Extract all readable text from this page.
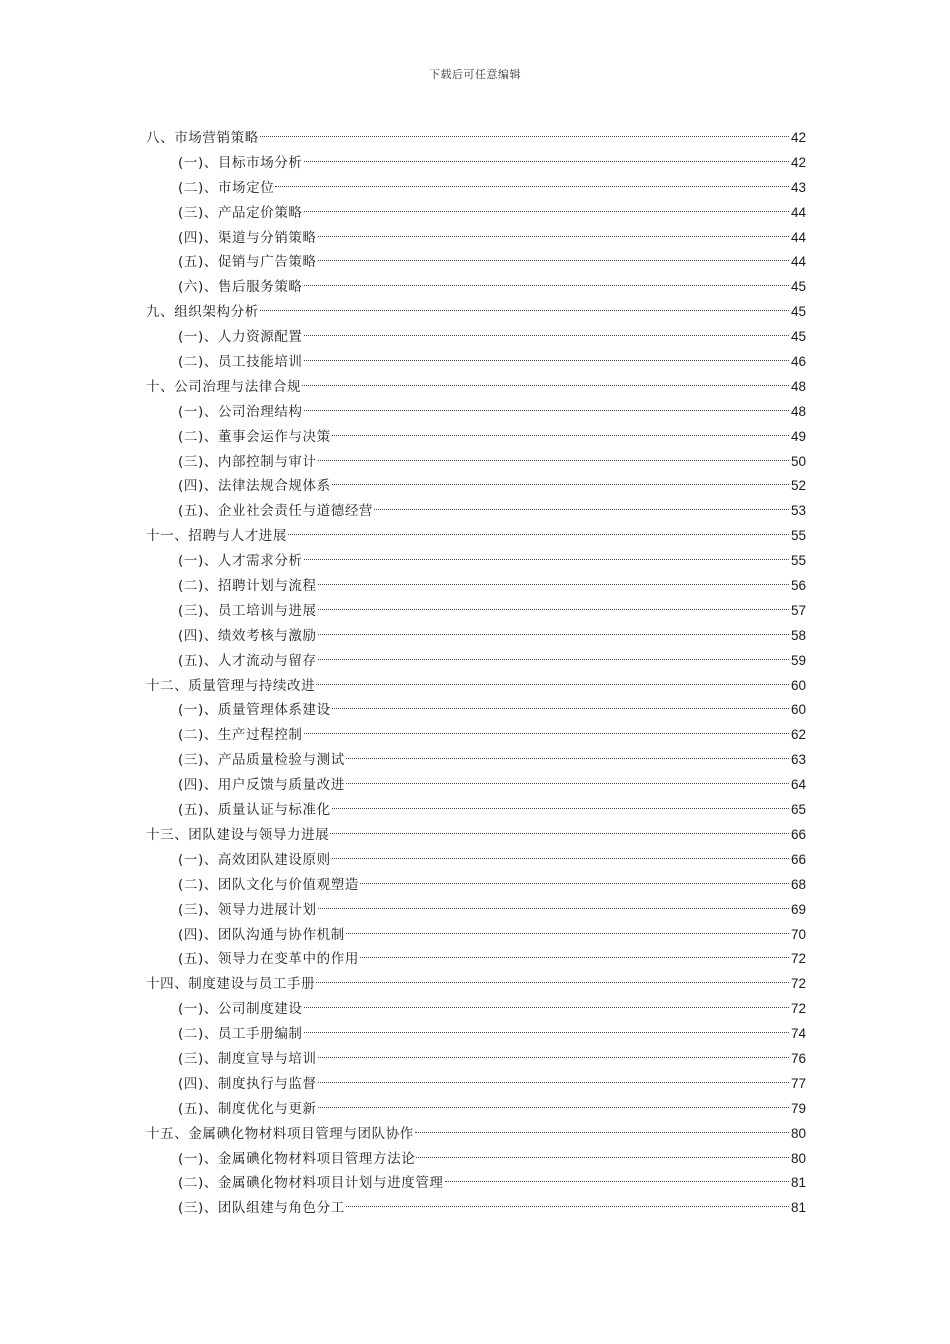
下载后可任意编辑
八、市场营销策略	42
(一)、目标市场分析	42
(二)、市场定位	43
(三)、产品定价策略	44
(四)、渠道与分销策略	44
(五)、促销与广告策略	44
(六)、售后服务策略	45
九、组织架构分析	45
(一)、人力资源配置	45
(二)、员工技能培训	46
十、公司治理与法律合规	48
(一)、公司治理结构	48
(二)、董事会运作与决策	49
(三)、内部控制与审计	50
(四)、法律法规合规体系	52
(五)、企业社会责任与道德经营	53
十一、招聘与人才进展	55
(一)、人才需求分析	55
(二)、招聘计划与流程	56
(三)、员工培训与进展	57
(四)、绩效考核与激励	58
(五)、人才流动与留存	59
十二、质量管理与持续改进	60
(一)、质量管理体系建设	60
(二)、生产过程控制	62
(三)、产品质量检验与测试	63
(四)、用户反馈与质量改进	64
(五)、质量认证与标准化	65
十三、团队建设与领导力进展	66
(一)、高效团队建设原则	66
(二)、团队文化与价值观塑造	68
(三)、领导力进展计划	69
(四)、团队沟通与协作机制	70
(五)、领导力在变革中的作用	72
十四、制度建设与员工手册	72
(一)、公司制度建设	72
(二)、员工手册编制	74
(三)、制度宣导与培训	76
(四)、制度执行与监督	77
(五)、制度优化与更新	79
十五、金属碘化物材料项目管理与团队协作	80
(一)、金属碘化物材料项目管理方法论	80
(二)、金属碘化物材料项目计划与进度管理	81
(三)、团队组建与角色分工	81
